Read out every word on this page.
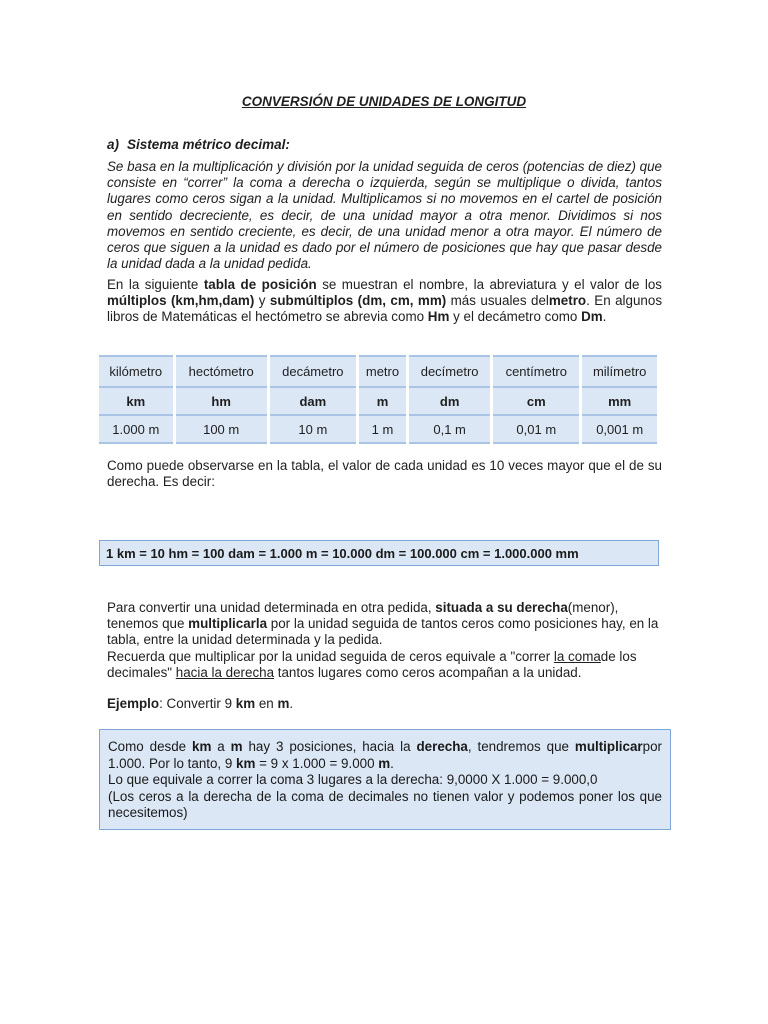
CONVERSIÓN DE UNIDADES DE LONGITUD
a) Sistema métrico decimal:
Se basa en la multiplicación y división por la unidad seguida de ceros (potencias de diez) que consiste en “correr” la coma a derecha o izquierda, según se multiplique o divida, tantos lugares como ceros sigan a la unidad. Multiplicamos si no movemos en el cartel de posición en sentido decreciente, es decir, de una unidad mayor a otra menor. Dividimos si nos movemos en sentido creciente, es decir, de una unidad menor a otra mayor. El número de ceros que siguen a la unidad es dado por el número de posiciones que hay que pasar desde la unidad dada a la unidad pedida.
En la siguiente tabla de posición se muestran el nombre, la abreviatura y el valor de los múltiplos (km,hm,dam) y submúltiplos (dm, cm, mm) más usuales delmetro. En algunos libros de Matemáticas el hectómetro se abrevia como Hm y el decámetro como Dm.
kilómetro	hectómetro	decámetro	metro	decímetro	centímetro	milímetro
km	hm	dam	m	dm	cm	mm
1.000 m	100 m	10 m	1 m	0,1 m	0,01 m	0,001 m
Como puede observarse en la tabla, el valor de cada unidad es 10 veces mayor que el de su derecha. Es decir:
1 km = 10 hm = 100 dam = 1.000 m = 10.000 dm = 100.000 cm = 1.000.000 mm
Para convertir una unidad determinada en otra pedida, situada a su derecha(menor), tenemos que multiplicarla por la unidad seguida de tantos ceros como posiciones hay, en la tabla, entre la unidad determinada y la pedida.
Recuerda que multiplicar por la unidad seguida de ceros equivale a "correr la comade los decimales" hacia la derecha tantos lugares como ceros acompañan a la unidad.
Ejemplo: Convertir 9 km en m.
Como desde km a m hay 3 posiciones, hacia la derecha, tendremos que multiplicarpor 1.000. Por lo tanto, 9 km = 9 x 1.000 = 9.000 m.
Lo que equivale a correr la coma 3 lugares a la derecha: 9,0000 X 1.000 = 9.000,0
(Los ceros a la derecha de la coma de decimales no tienen valor y podemos poner los que necesitemos)
